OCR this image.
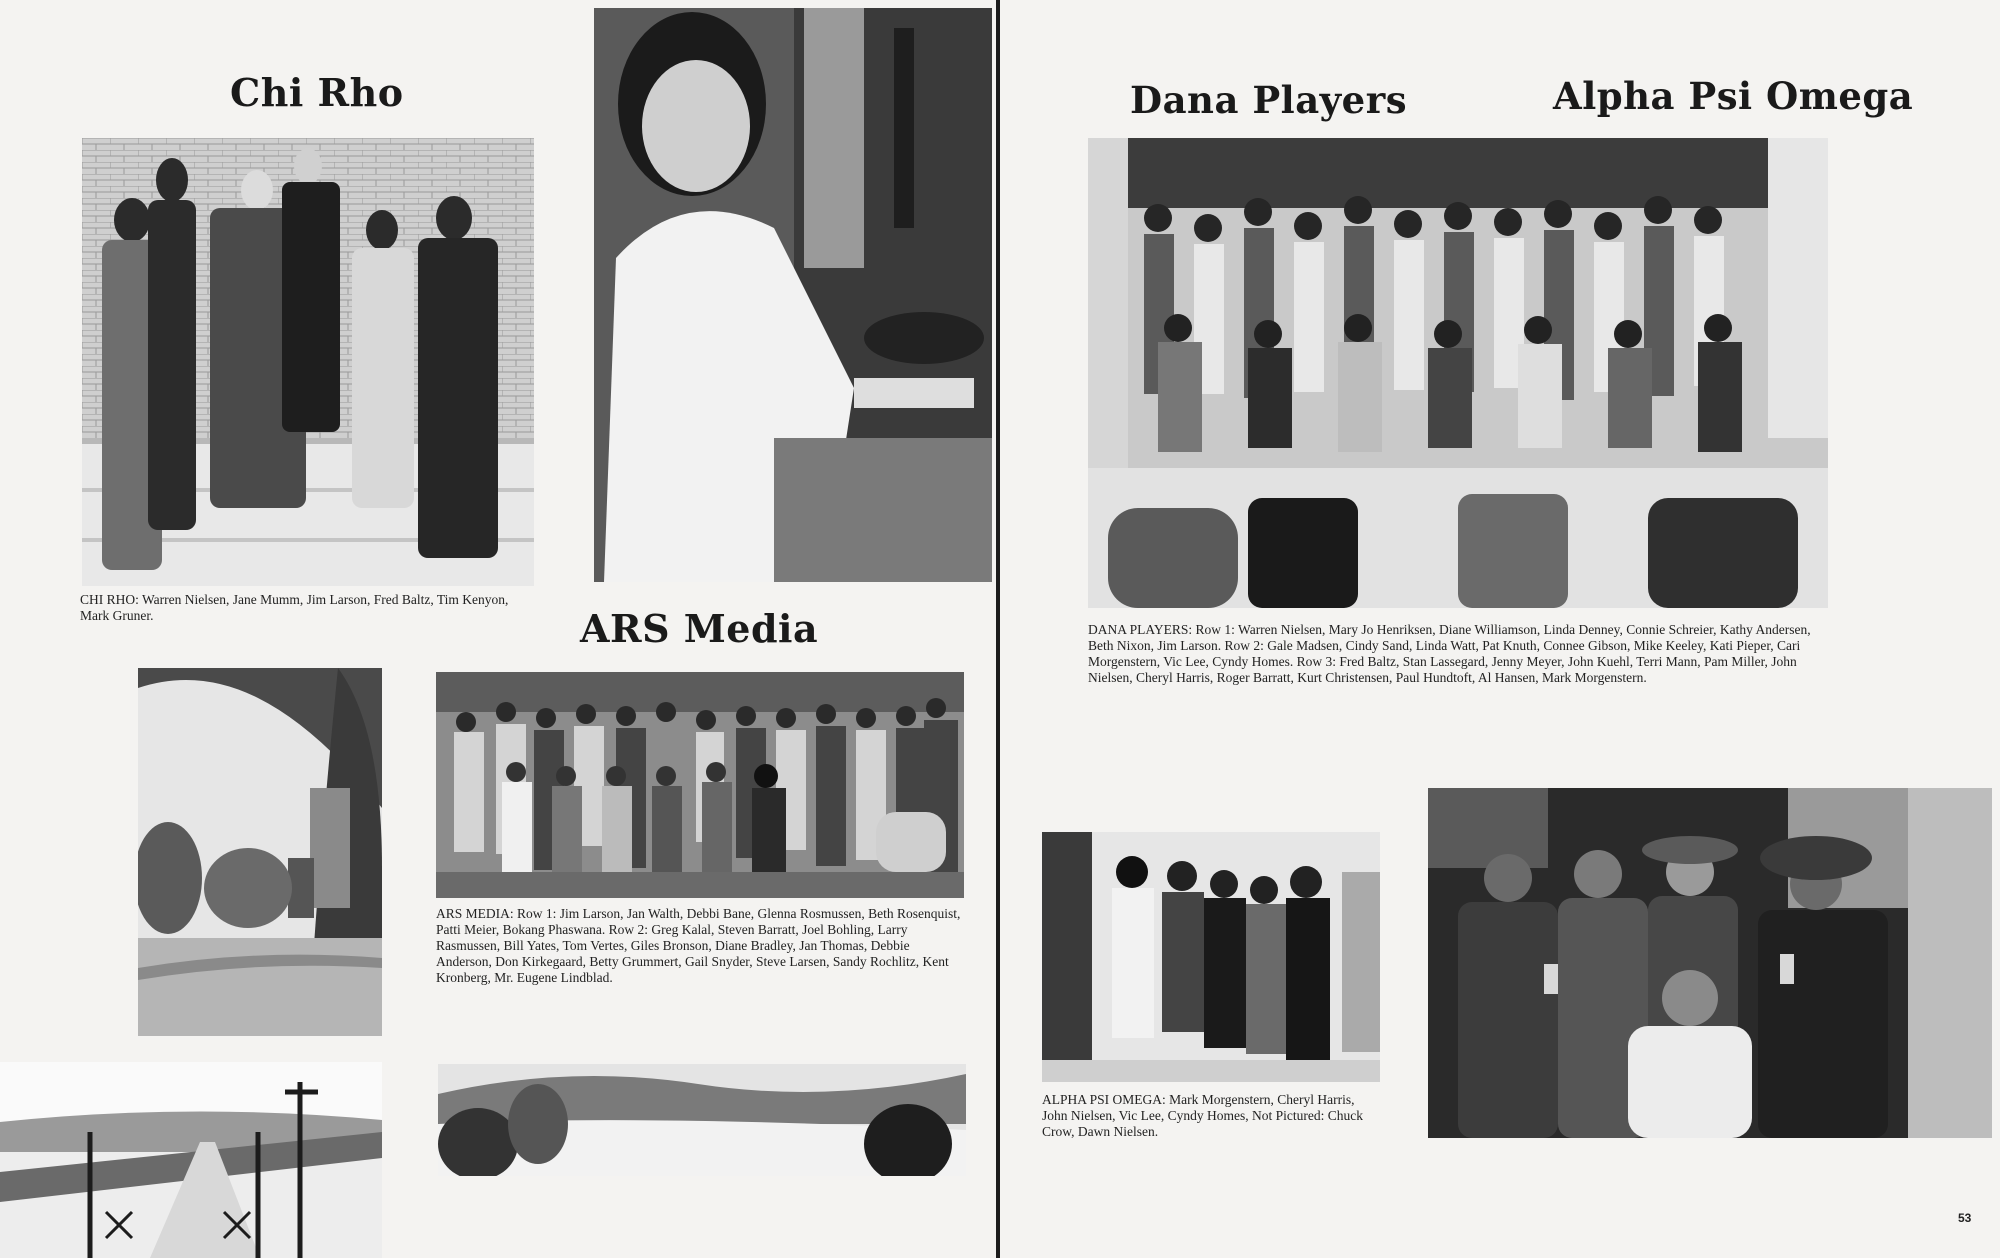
Chi Rho

CHI RHO: Warren Nielsen, Jane Mumm, Jim Larson, Fred Baltz, Tim Kenyon, Mark Gruner.	ARS Media

ARS MEDIA: Row 1: Jim Larson, Jan Walth, Debbi Bane, Glenna Rosmussen, Beth Rosenquist, Patti Meier, Bokang Phaswana. Row 2: Greg Kalal, Steven Barratt, Joel Bohling, Larry Rasmussen, Bill Yates, Tom Vertes, Giles Bronson, Diane Bradley, Jan Thomas, Debbie Anderson, Don Kirkegaard, Betty Grummert, Gail Snyder, Steve Larsen, Sandy Rochlitz, Kent Kronberg, Mr. Eugene Lindblad.

Dana Players	Alpha Psi Omega

DANA PLAYERS: Row 1: Warren Nielsen, Mary Jo Henriksen, Diane Williamson, Linda Denney, Connie Schreier, Kathy Andersen, Beth Nixon, Jim Larson. Row 2: Gale Madsen, Cindy Sand, Linda Watt, Pat Knuth, Connee Gibson, Mike Keeley, Kati Pieper, Cari Morgenstern, Vic Lee, Cyndy Homes. Row 3: Fred Baltz, Stan Lassegard, Jenny Meyer, John Kuehl, Terri Mann, Pam Miller, John Nielsen, Cheryl Harris, Roger Barratt, Kurt Christensen, Paul Hundtoft, Al Hansen, Mark Morgenstern.

ALPHA PSI OMEGA: Mark Morgenstern, Cheryl Harris, John Nielsen, Vic Lee, Cyndy Homes, Not Pictured: Chuck Crow, Dawn Nielsen.

53
